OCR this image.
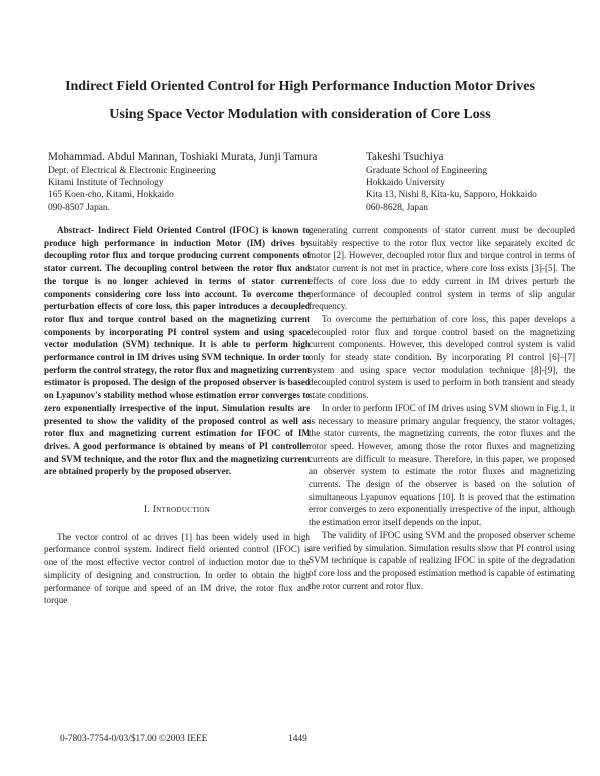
Indirect Field Oriented Control for High Performance Induction Motor Drives
Using Space Vector Modulation with consideration of Core Loss
Mohammad. Abdul Mannan, Toshiaki Murata, Junji Tamura
Dept. of Electrical & Electronic Engineering
Kitami Institute of Technology
165 Koen-cho, Kitami, Hokkaido
090-8507 Japan.
Takeshi Tsuchiya
Graduate School of Engineering
Hokkaido University
Kita 13, Nishi 8, Kita-ku, Sapporo, Hokkaido
060-8628, Japan

Abstract- Indirect Field Oriented Control (IFOC) is known to produce high performance in induction Motor (IM) drives by decoupling rotor flux and torque producing current components of stator current. The decoupling control between the rotor flux and the torque is no longer achieved in terms of stator current components considering core loss into account. To overcome the perturbation effects of core loss, this paper introduces a decoupled rotor flux and torque control based on the magnetizing current components by incorporating PI control system and using space vector modulation (SVM) technique. It is able to perform high performance control in IM drives using SVM technique. In order to perform the control strategy, the rotor flux and magnetizing current estimator is proposed. The design of the proposed observer is based on Lyapunov's stability method whose estimation error converges to zero exponentially irrespective of the input. Simulation results are presented to show the validity of the proposed control as well as rotor flux and magnetizing current estimation for IFOC of IM drives. A good performance is obtained by means of PI controller and SVM technique, and the rotor flux and the magnetizing current are obtained properly by the proposed observer.

I. Introduction

The vector control of ac drives [1] has been widely used in high performance control system. Indirect field oriented control (IFOC) is one of the most effective vector control of induction motor due to the simplicity of designing and construction. In order to obtain the high performance of torque and speed of an IM drive, the rotor flux and torque

generating current components of stator current must be decoupled suitably respective to the rotor flux vector like separately excited dc motor [2]. However, decoupled rotor flux and torque control in terms of stator current is not met in practice, where core loss exists [3]-[5]. The effects of core loss due to eddy current in IM drives perturb the performance of decoupled control system in terms of slip angular frequency.

To overcome the perturbation of core loss, this paper develops a decoupled rotor flux and torque control based on the magnetizing current components. However, this developed control system is valid only for steady state condition. By incorporating PI control [6]–[7] system and using space vector modulation technique [8]-[9], the decoupled control system is used to perform in both transient and steady state conditions.

In order to perform IFOC of IM drives using SVM shown in Fig.1, it is necessary to measure primary angular frequency, the stator voltages, the stator currents, the magnetizing currents, the rotor fluxes and the rotor speed. However, among those the rotor fluxes and magnetizing currents are difficult to measure. Therefore, in this paper, we proposed an observer system to estimate the rotor fluxes and magnetizing currents. The design of the observer is based on the solution of simultaneous Lyapunov equations [10]. It is proved that the estimation error converges to zero exponentially irrespective of the input, although the estimation error itself depends on the input.

The validity of IFOC using SVM and the proposed observer scheme are verified by simulation. Simulation results show that PI control using SVM technique is capable of realizing IFOC in spite of the degradation of core loss and the proposed estimation method is capable of estimating the rotor current and rotor flux.

0-7803-7754-0/03/$17.00 ©2003 IEEE	1449
